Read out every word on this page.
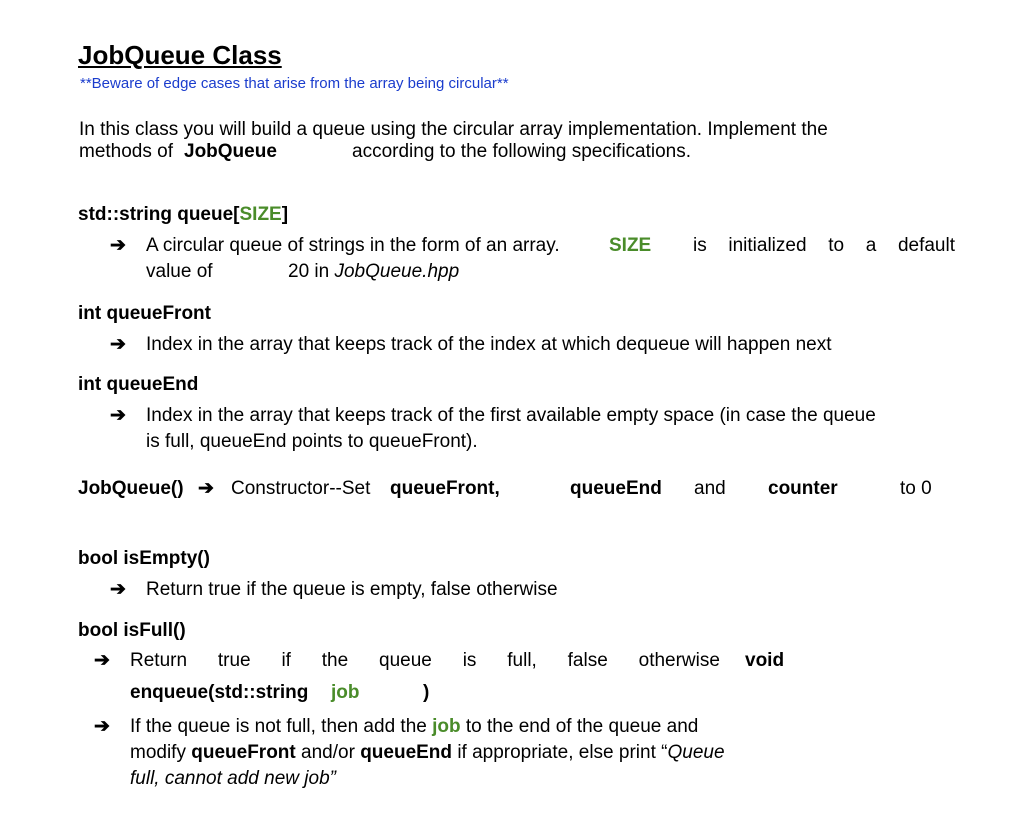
JobQueue Class
**Beware of edge cases that arise from the array being circular**
In this class you will build a queue using the circular array implementation. Implement the
methods of JobQueue	according to the following specifications.
std::string queue[SIZE]
➔ A circular queue of strings in the form of an array.	SIZE is initialized to a default
value of	20 in JobQueue.hpp
int queueFront
➔ Index in the array that keeps track of the index at which dequeue will happen next
int queueEnd
➔ Index in the array that keeps track of the first available empty space (in case the queue
is full, queueEnd points to queueFront).
JobQueue() ➔ Constructor--Set queueFront,	queueEnd and counter	to 0
bool isEmpty()
➔ Return true if the queue is empty, false otherwise
bool isFull()
➔ Return true if the queue is full, false otherwise void
enqueue(std::string job	)
➔ If the queue is not full, then add the job to the end of the queue and
modify queueFront and/or queueEnd if appropriate, else print “Queue
full, cannot add new job”
